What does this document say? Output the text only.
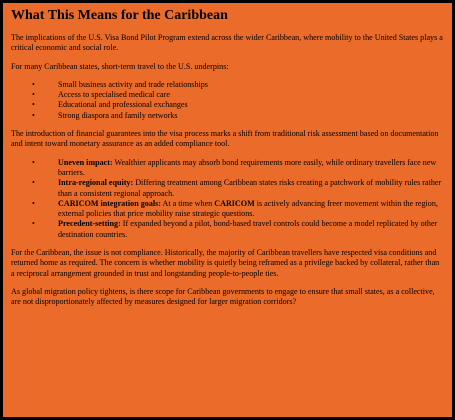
What This Means for the Caribbean

The implications of the U.S. Visa Bond Pilot Program extend across the wider Caribbean, where mobility to the United States plays a critical economic and social role.

For many Caribbean states, short-term travel to the U.S. underpins:

•	Small business activity and trade relationships
•	Access to specialised medical care
•	Educational and professional exchanges
•	Strong diaspora and family networks

The introduction of financial guarantees into the visa process marks a shift from traditional risk assessment based on documentation and intent toward monetary assurance as an added compliance tool.

•	Uneven impact: Wealthier applicants may absorb bond requirements more easily, while ordinary travellers face new barriers.
•	Intra-regional equity: Differing treatment among Caribbean states risks creating a patchwork of mobility rules rather than a consistent regional approach.
•	CARICOM integration goals: At a time when CARICOM is actively advancing freer movement within the region, external policies that price mobility raise strategic questions.
•	Precedent-setting: If expanded beyond a pilot, bond-based travel controls could become a model replicated by other destination countries.

For the Caribbean, the issue is not compliance. Historically, the majority of Caribbean travellers have respected visa conditions and returned home as required. The concern is whether mobility is quietly being reframed as a privilege backed by collateral, rather than a reciprocal arrangement grounded in trust and longstanding people-to-people ties.

As global migration policy tightens, is there scope for Caribbean governments to engage to ensure that small states, as a collective, are not disproportionately affected by measures designed for larger migration corridors?
